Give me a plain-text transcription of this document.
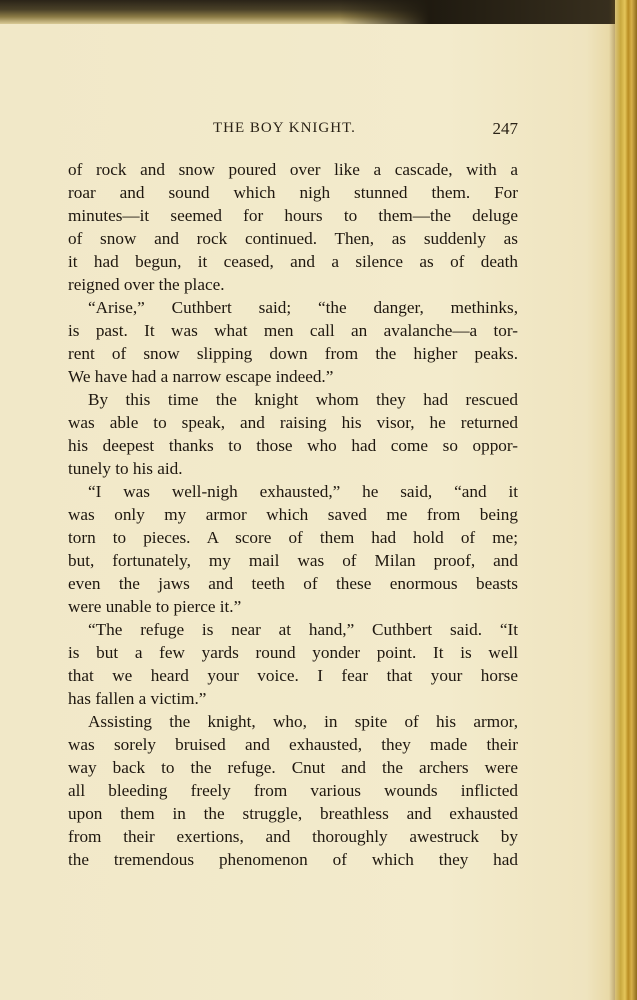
THE BOY KNIGHT.	247
of rock and snow poured over like a cascade, with a
roar and sound which nigh stunned them. For
minutes—it seemed for hours to them—the deluge
of snow and rock continued. Then, as suddenly as
it had begun, it ceased, and a silence as of death
reigned over the place.
“Arise,” Cuthbert said; “the danger, methinks,
is past. It was what men call an avalanche—a tor-
rent of snow slipping down from the higher peaks.
We have had a narrow escape indeed.”
By this time the knight whom they had rescued
was able to speak, and raising his visor, he returned
his deepest thanks to those who had come so oppor-
tunely to his aid.
“I was well-nigh exhausted,” he said, “and it
was only my armor which saved me from being
torn to pieces. A score of them had hold of me;
but, fortunately, my mail was of Milan proof, and
even the jaws and teeth of these enormous beasts
were unable to pierce it.”
“The refuge is near at hand,” Cuthbert said. “It
is but a few yards round yonder point. It is well
that we heard your voice. I fear that your horse
has fallen a victim.”
Assisting the knight, who, in spite of his armor,
was sorely bruised and exhausted, they made their
way back to the refuge. Cnut and the archers were
all bleeding freely from various wounds inflicted
upon them in the struggle, breathless and exhausted
from their exertions, and thoroughly awestruck by
the tremendous phenomenon of which they had
